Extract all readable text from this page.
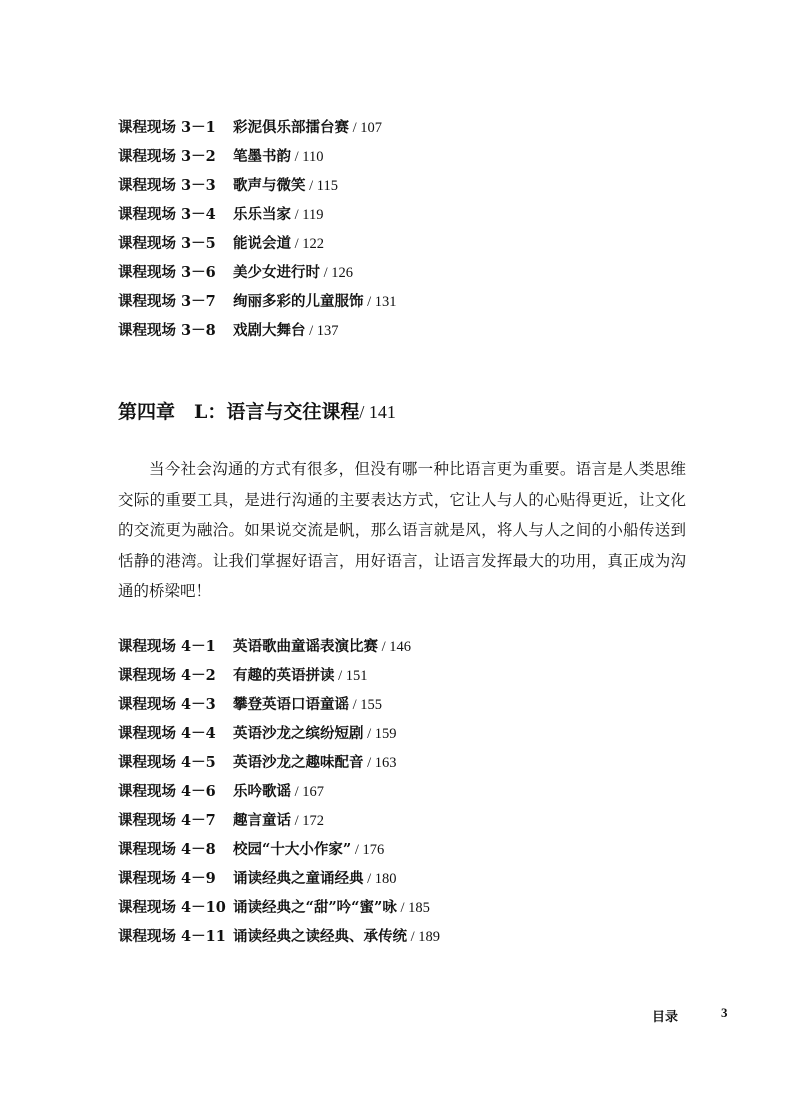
课程现场 3－1 彩泥俱乐部擂台赛 / 107
课程现场 3－2 笔墨书韵 / 110
课程现场 3－3 歌声与微笑 / 115
课程现场 3－4 乐乐当家 / 119
课程现场 3－5 能说会道 / 122
课程现场 3－6 美少女进行时 / 126
课程现场 3－7 绚丽多彩的儿童服饰 / 131
课程现场 3－8 戏剧大舞台 / 137
第四章　L：语言与交往课程/ 141

当今社会沟通的方式有很多，但没有哪一种比语言更为重要。语言是人类思维交际的重要工具，是进行沟通的主要表达方式，它让人与人的心贴得更近，让文化的交流更为融洽。如果说交流是帆，那么语言就是风，将人与人之间的小船传送到恬静的港湾。让我们掌握好语言，用好语言，让语言发挥最大的功用，真正成为沟通的桥梁吧！

课程现场 4－1 英语歌曲童谣表演比赛 / 146
课程现场 4－2 有趣的英语拼读 / 151
课程现场 4－3 攀登英语口语童谣 / 155
课程现场 4－4 英语沙龙之缤纷短剧 / 159
课程现场 4－5 英语沙龙之趣味配音 / 163
课程现场 4－6 乐吟歌谣 / 167
课程现场 4－7 趣言童话 / 172
课程现场 4－8 校园“十大小作家” / 176
课程现场 4－9 诵读经典之童诵经典 / 180
课程现场 4－10 诵读经典之“甜”吟“蜜”咏 / 185
课程现场 4－11 诵读经典之读经典、承传统 / 189
目录	3
